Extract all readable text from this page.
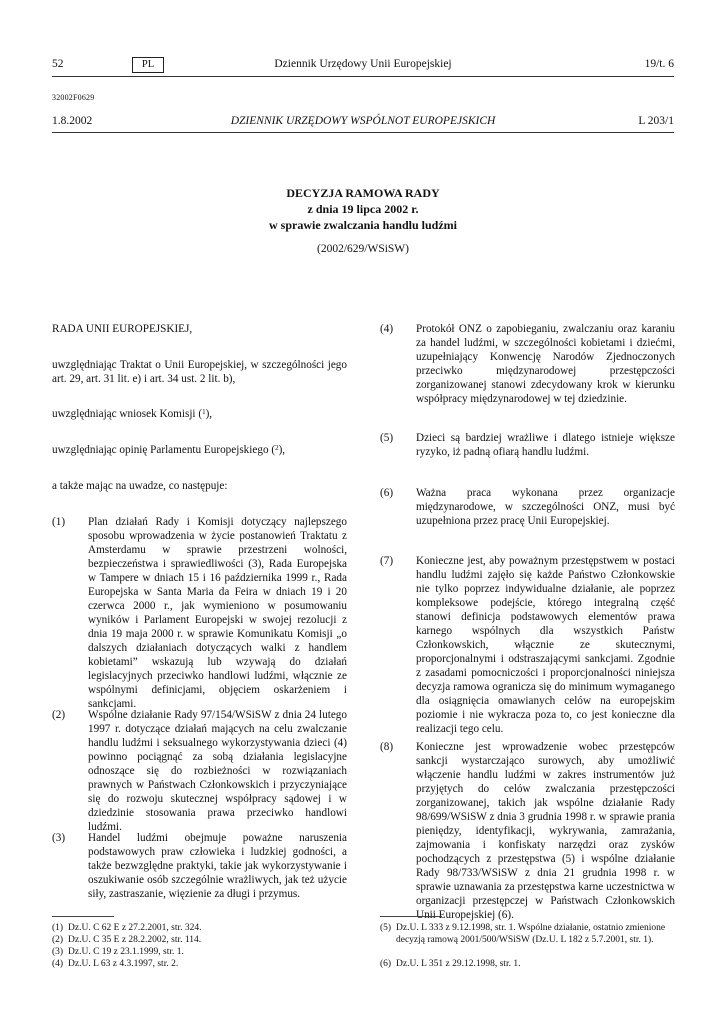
52	PL	Dziennik Urzędowy Unii Europejskiej	19/t. 6
32002F0629
1.8.2002	DZIENNIK URZĘDOWY WSPÓLNOT EUROPEJSKICH	L 203/1
DECYZJA RAMOWA RADY
z dnia 19 lipca 2002 r.
w sprawie zwalczania handlu ludźmi
(2002/629/WSiSW)

RADA UNII EUROPEJSKIEJ,

uwzględniając Traktat o Unii Europejskiej, w szczególności jego art. 29, art. 31 lit. e) i art. 34 ust. 2 lit. b),

uwzględniając wniosek Komisji ($^1$),

uwzględniając opinię Parlamentu Europejskiego ($^2$),

a także mając na uwadze, co następuje:

(1) Plan działań Rady i Komisji dotyczący najlepszego sposobu wprowadzenia w życie postanowień Traktatu z Amsterdamu w sprawie przestrzeni wolności, bezpieczeństwa i sprawiedliwości (3), Rada Europejska w Tampere w dniach 15 i 16 października 1999 r., Rada Europejska w Santa Maria da Feira w dniach 19 i 20 czerwca 2000 r., jak wymieniono w posumowaniu wyników i Parlament Europejski w swojej rezolucji z dnia 19 maja 2000 r. w sprawie Komunikatu Komisji „o dalszych działaniach dotyczących walki z handlem kobietami” wskazują lub wzywają do działań legislacyjnych przeciwko handlowi ludźmi, włącznie ze wspólnymi definicjami, objęciem oskarżeniem i sankcjami.
(2) Wspólne działanie Rady 97/154/WSiSW z dnia 24 lutego 1997 r. dotyczące działań mających na celu zwalczanie handlu ludźmi i seksualnego wykorzystywania dzieci (4) powinno pociągnąć za sobą działania legislacyjne odnoszące się do rozbieżności w rozwiązaniach prawnych w Państwach Członkowskich i przyczyniające się do rozwoju skutecznej współpracy sądowej i w dziedzinie stosowania prawa przeciwko handlowi ludźmi.
(3) Handel ludźmi obejmuje poważne naruszenia podstawowych praw człowieka i ludzkiej godności, a także bezwzględne praktyki, takie jak wykorzystywanie i oszukiwanie osób szczególnie wrażliwych, jak też użycie siły, zastraszanie, więzienie za długi i przymus.
(4) Protokół ONZ o zapobieganiu, zwalczaniu oraz karaniu za handel ludźmi, w szczególności kobietami i dziećmi, uzupełniający Konwencję Narodów Zjednoczonych przeciwko międzynarodowej przestępczości zorganizowanej stanowi zdecydowany krok w kierunku współpracy międzynarodowej w tej dziedzinie.
(5) Dzieci są bardziej wrażliwe i dlatego istnieje większe ryzyko, iż padną ofiarą handlu ludźmi.
(6) Ważna praca wykonana przez organizacje międzynarodowe, w szczególności ONZ, musi być uzupełniona przez pracę Unii Europejskiej.
(7) Konieczne jest, aby poważnym przestępstwem w postaci handlu ludźmi zajęło się każde Państwo Członkowskie nie tylko poprzez indywidualne działanie, ale poprzez kompleksowe podejście, którego integralną część stanowi definicja podstawowych elementów prawa karnego wspólnych dla wszystkich Państw Członkowskich, włącznie ze skutecznymi, proporcjonalnymi i odstraszającymi sankcjami. Zgodnie z zasadami pomocniczości i proporcjonalności niniejsza decyzja ramowa ogranicza się do minimum wymaganego dla osiągnięcia omawianych celów na europejskim poziomie i nie wykracza poza to, co jest konieczne dla realizacji tego celu.
(8) Konieczne jest wprowadzenie wobec przestępców sankcji wystarczająco surowych, aby umożliwić włączenie handlu ludźmi w zakres instrumentów już przyjętych do celów zwalczania przestępczości zorganizowanej, takich jak wspólne działanie Rady 98/699/WSiSW z dnia 3 grudnia 1998 r. w sprawie prania pieniędzy, identyfikacji, wykrywania, zamrażania, zajmowania i konfiskaty narzędzi oraz zysków pochodzących z przestępstwa (5) i wspólne działanie Rady 98/733/WSiSW z dnia 21 grudnia 1998 r. w sprawie uznawania za przestępstwa karne uczestnictwa w organizacji przestępczej w Państwach Członkowskich Unii Europejskiej (6).
(1) Dz.U. C 62 E z 27.2.2001, str. 324.
(2) Dz.U. C 35 E z 28.2.2002, str. 114.
(3) Dz.U. C 19 z 23.1.1999, str. 1.
(4) Dz.U. L 63 z 4.3.1997, str. 2.
(5) Dz.U. L 333 z 9.12.1998, str. 1. Wspólne działanie, ostatnio zmienione decyzją ramową 2001/500/WSiSW (Dz.U. L 182 z 5.7.2001, str. 1).
(6) Dz.U. L 351 z 29.12.1998, str. 1.
